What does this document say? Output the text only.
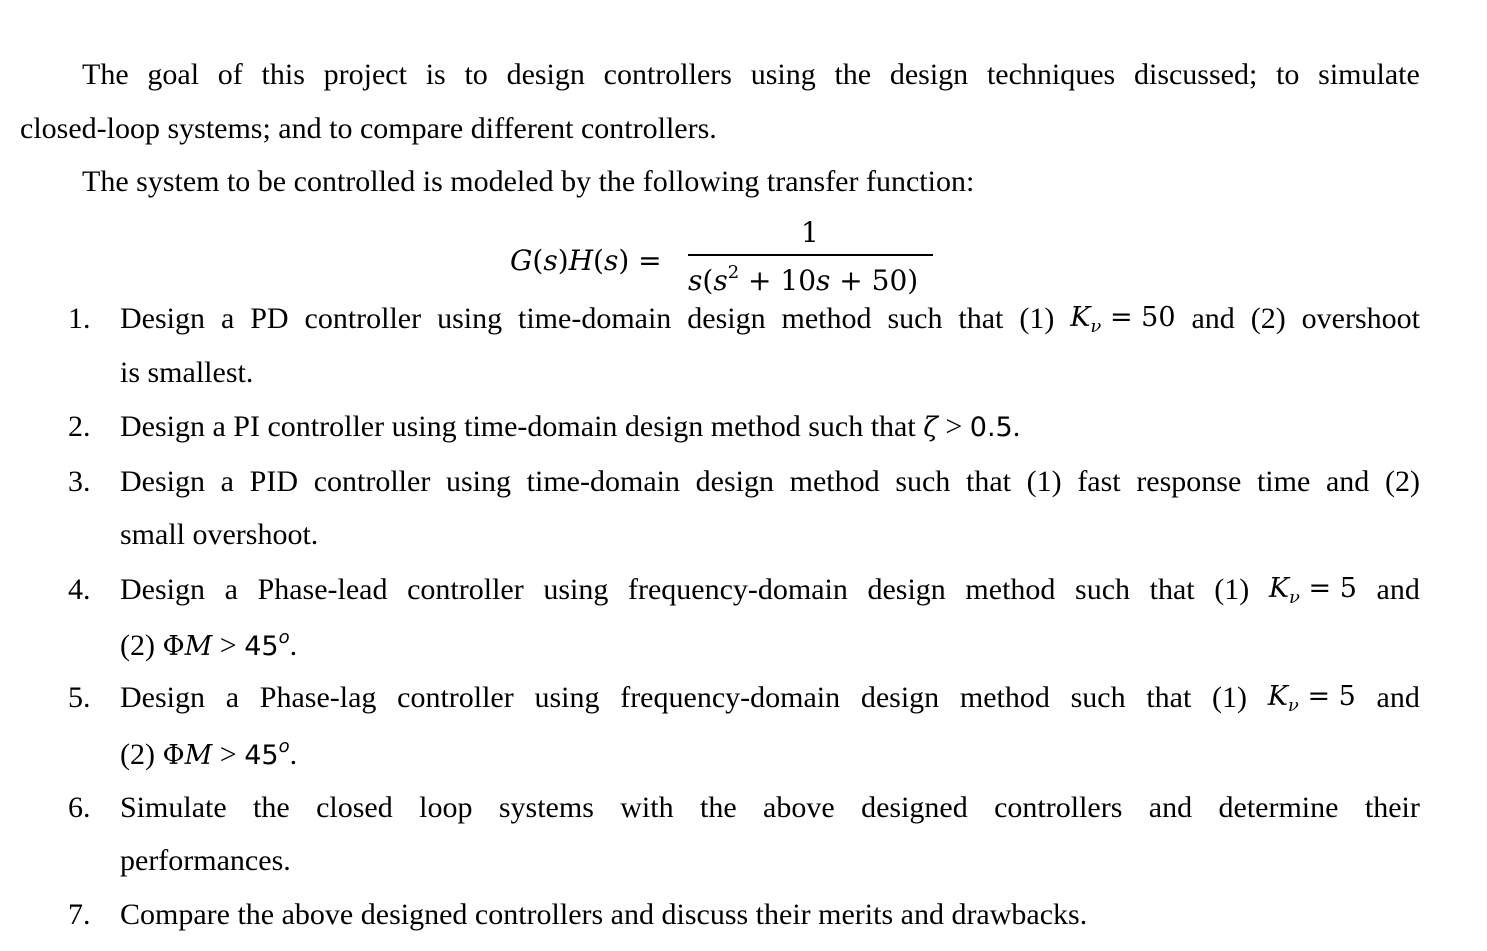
The goal of this project is to design controllers using the design techniques discussed; to simulate
closed-loop systems; and to compare different controllers.
The system to be controlled is modeled by the following transfer function:
G(s)H(s) =
1
$s(s^2 + 10s + 50)$
1. Design a PD controller using time-domain design method such that (1) $K_\nu = 50$ and (2) overshoot
is smallest.
2. Design a PI controller using time-domain design method such that ζ > 0.5.
3. Design a PID controller using time-domain design method such that (1) fast response time and (2)
small overshoot.
4. Design a Phase-lead controller using frequency-domain design method such that (1) $K_\nu = 5$ and
(2) $\Phi M > 45^o$.
5. Design a Phase-lag controller using frequency-domain design method such that (1) $K_\nu = 5$ and
(2) $\Phi M > 45^o$.
6. Simulate the closed loop systems with the above designed controllers and determine their
performances.
7. Compare the above designed controllers and discuss their merits and drawbacks.
